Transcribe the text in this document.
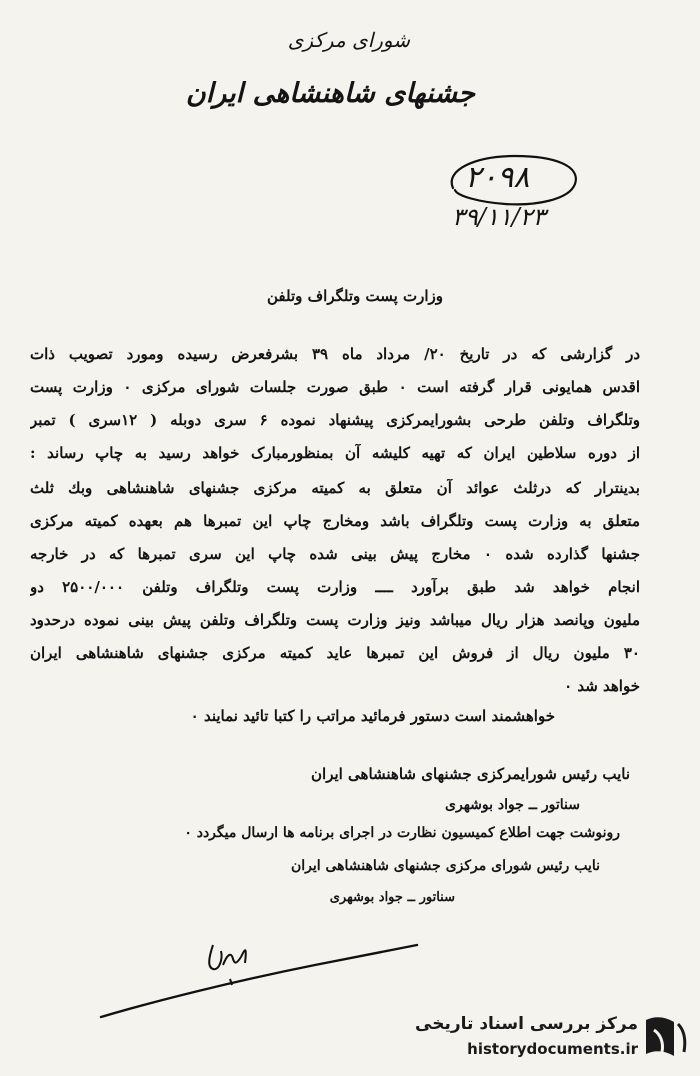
شورای مرکزی
جشنهای شاهنشاهی ایران
۲۰۹۸
۳۹/۱۱/۲۳
وزارت پست وتلگراف وتلفن
در گزارشی که در تاریخ ۲۰/ مرداد ماه ۳۹ بشرفعرض رسیده ومورد تصویب ذات
اقدس همایونی قرار گرفته است ۰ طبق صورت جلسات شورای مرکزی ۰ وزارت پست
وتلگراف وتلفن طرحی بشورایمرکزی پیشنهاد نموده ۶ سری دوبله ( ۱۲سری ) تمبر
از دوره سلاطین ایران که تهیه کلیشه آن بمنظورمبارک خواهد رسید به چاپ رساند :
بدینترار که درثلث عوائد آن متعلق به کمیته مرکزی جشنهای شاهنشاهی وبك ثلث
متعلق به وزارت پست وتلگراف باشد ومخارج چاپ این تمبرها هم بعهده کمیته مرکزی
جشنها گذارده شده ۰ مخارج پیش بینی شده چاپ این سری تمبرها که در خارجه
انجام خواهد شد طبق برآورد ــــ وزارت پست وتلگراف وتلفن ۲۵۰۰/۰۰۰ دو
ملیون وپانصد هزار ریال میباشد ونیز وزارت پست وتلگراف وتلفن پیش بینی نموده درحدود
۳۰ ملیون ریال از فروش این تمبرها عاید کمیته مرکزی جشنهای شاهنشاهی ایران
خواهد شد ۰
خواهشمند است دستور فرمائید مراتب را کتبا تائید نمایند ۰
نایب رئیس شورایمرکزی جشنهای شاهنشاهی ایران
سناتور ــ جواد بوشهری
رونوشت جهت اطلاع کمیسیون نظارت در اجرای برنامه ها ارسال میگردد ۰
نایب رئیس شورای مرکزی جشنهای شاهنشاهی ایران
سناتور ــ جواد بوشهری
مرکز بررسی اسناد تاریخی
historydocuments.ir
